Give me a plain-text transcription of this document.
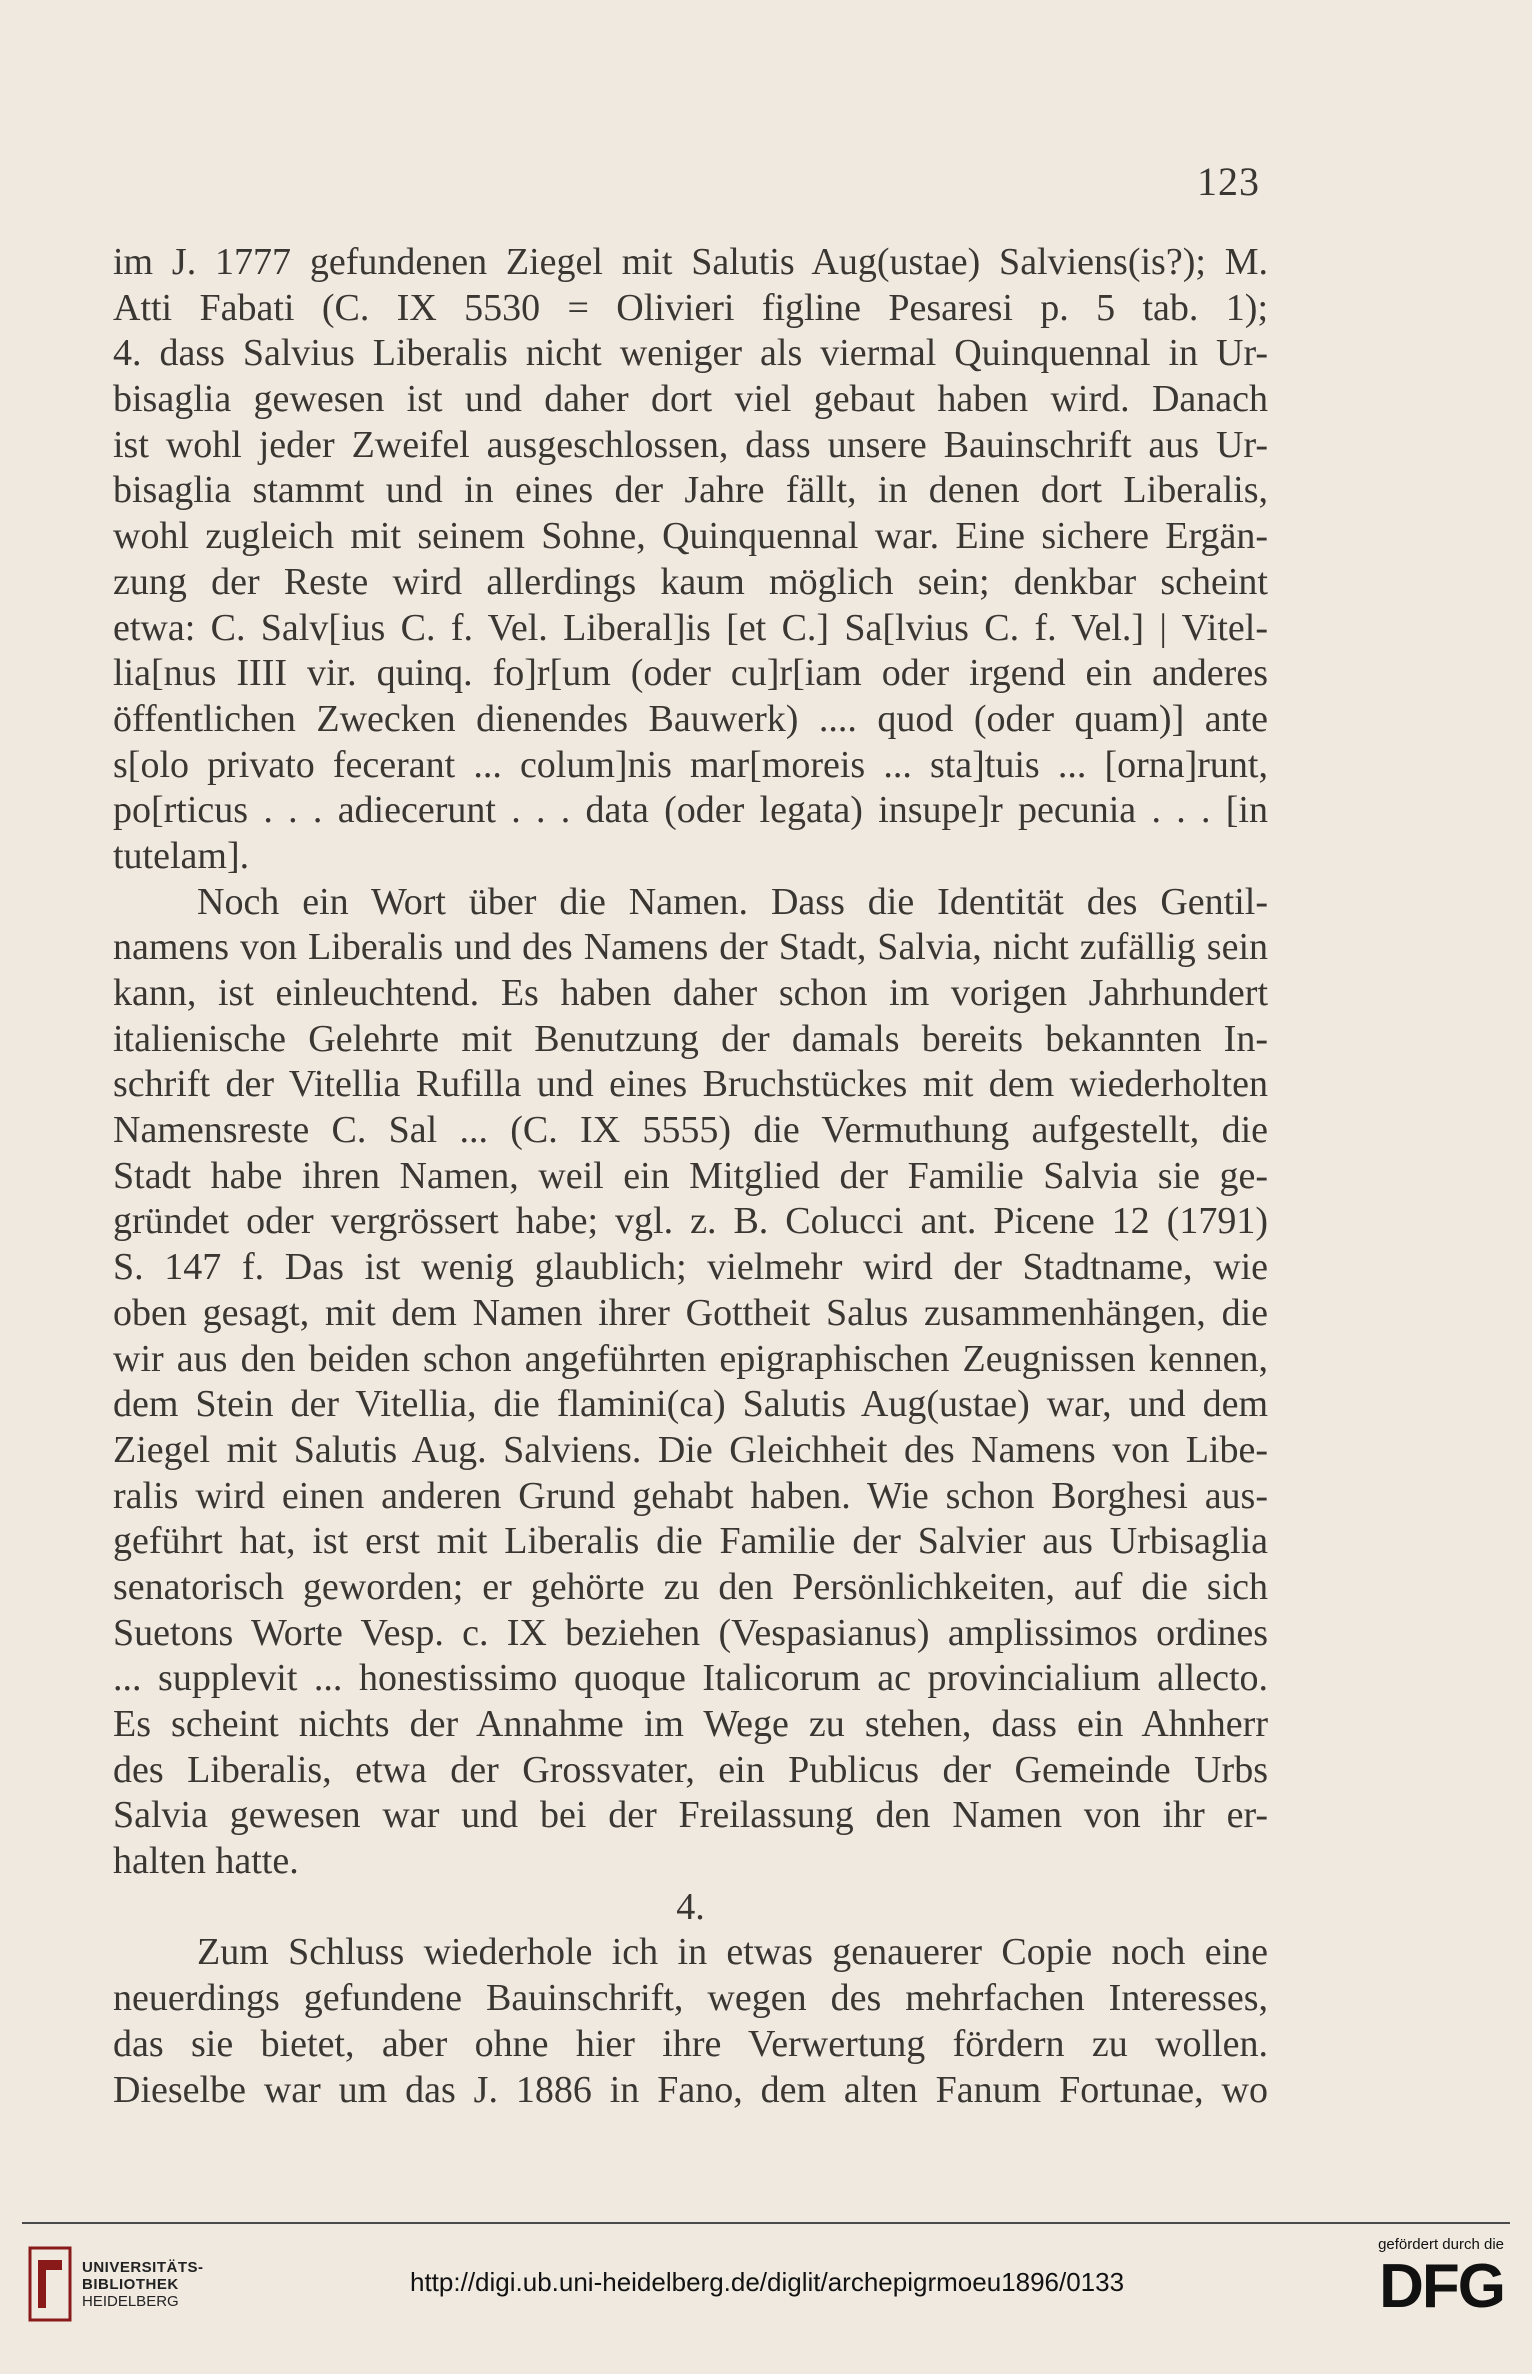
123
im J. 1777 gefundenen Ziegel mit Salutis Aug(ustae) Salviens(is?); M.
Atti Fabati (C. IX 5530 = Olivieri figline Pesaresi p. 5 tab. 1);
4. dass Salvius Liberalis nicht weniger als viermal Quinquennal in Ur-
bisaglia gewesen ist und daher dort viel gebaut haben wird. Danach
ist wohl jeder Zweifel ausgeschlossen, dass unsere Bauinschrift aus Ur-
bisaglia stammt und in eines der Jahre fällt, in denen dort Liberalis,
wohl zugleich mit seinem Sohne, Quinquennal war. Eine sichere Ergän-
zung der Reste wird allerdings kaum möglich sein; denkbar scheint
etwa: C. Salv[ius C. f. Vel. Liberal]is [et C.] Sa[lvius C. f. Vel.] | Vitel-
lia[nus IIII vir. quinq. fo]r[um (oder cu]r[iam oder irgend ein anderes
öffentlichen Zwecken dienendes Bauwerk) .... quod (oder quam)] ante
s[olo privato fecerant ... colum]nis mar[moreis ... sta]tuis ... [orna]runt,
po[rticus . . . adiecerunt . . . data (oder legata) insupe]r pecunia . . . [in
tutelam].
Noch ein Wort über die Namen. Dass die Identität des Gentil-
namens von Liberalis und des Namens der Stadt, Salvia, nicht zufällig sein
kann, ist einleuchtend. Es haben daher schon im vorigen Jahrhundert
italienische Gelehrte mit Benutzung der damals bereits bekannten In-
schrift der Vitellia Rufilla und eines Bruchstückes mit dem wiederholten
Namensreste C. Sal ... (C. IX 5555) die Vermuthung aufgestellt, die
Stadt habe ihren Namen, weil ein Mitglied der Familie Salvia sie ge-
gründet oder vergrössert habe; vgl. z. B. Colucci ant. Picene 12 (1791)
S. 147 f. Das ist wenig glaublich; vielmehr wird der Stadtname, wie
oben gesagt, mit dem Namen ihrer Gottheit Salus zusammenhängen, die
wir aus den beiden schon angeführten epigraphischen Zeugnissen kennen,
dem Stein der Vitellia, die flamini(ca) Salutis Aug(ustae) war, und dem
Ziegel mit Salutis Aug. Salviens. Die Gleichheit des Namens von Libe-
ralis wird einen anderen Grund gehabt haben. Wie schon Borghesi aus-
geführt hat, ist erst mit Liberalis die Familie der Salvier aus Urbisaglia
senatorisch geworden; er gehörte zu den Persönlichkeiten, auf die sich
Suetons Worte Vesp. c. IX beziehen (Vespasianus) amplissimos ordines
... supplevit ... honestissimo quoque Italicorum ac provincialium allecto.
Es scheint nichts der Annahme im Wege zu stehen, dass ein Ahnherr
des Liberalis, etwa der Grossvater, ein Publicus der Gemeinde Urbs
Salvia gewesen war und bei der Freilassung den Namen von ihr er-
halten hatte.
4.
Zum Schluss wiederhole ich in etwas genauerer Copie noch eine
neuerdings gefundene Bauinschrift, wegen des mehrfachen Interesses,
das sie bietet, aber ohne hier ihre Verwertung fördern zu wollen.
Dieselbe war um das J. 1886 in Fano, dem alten Fanum Fortunae, wo
UNIVERSITÄTS-
BIBLIOTHEK
HEIDELBERG
http://digi.ub.uni-heidelberg.de/diglit/archepigrmoeu1896/0133
gefördert durch die
DFG
